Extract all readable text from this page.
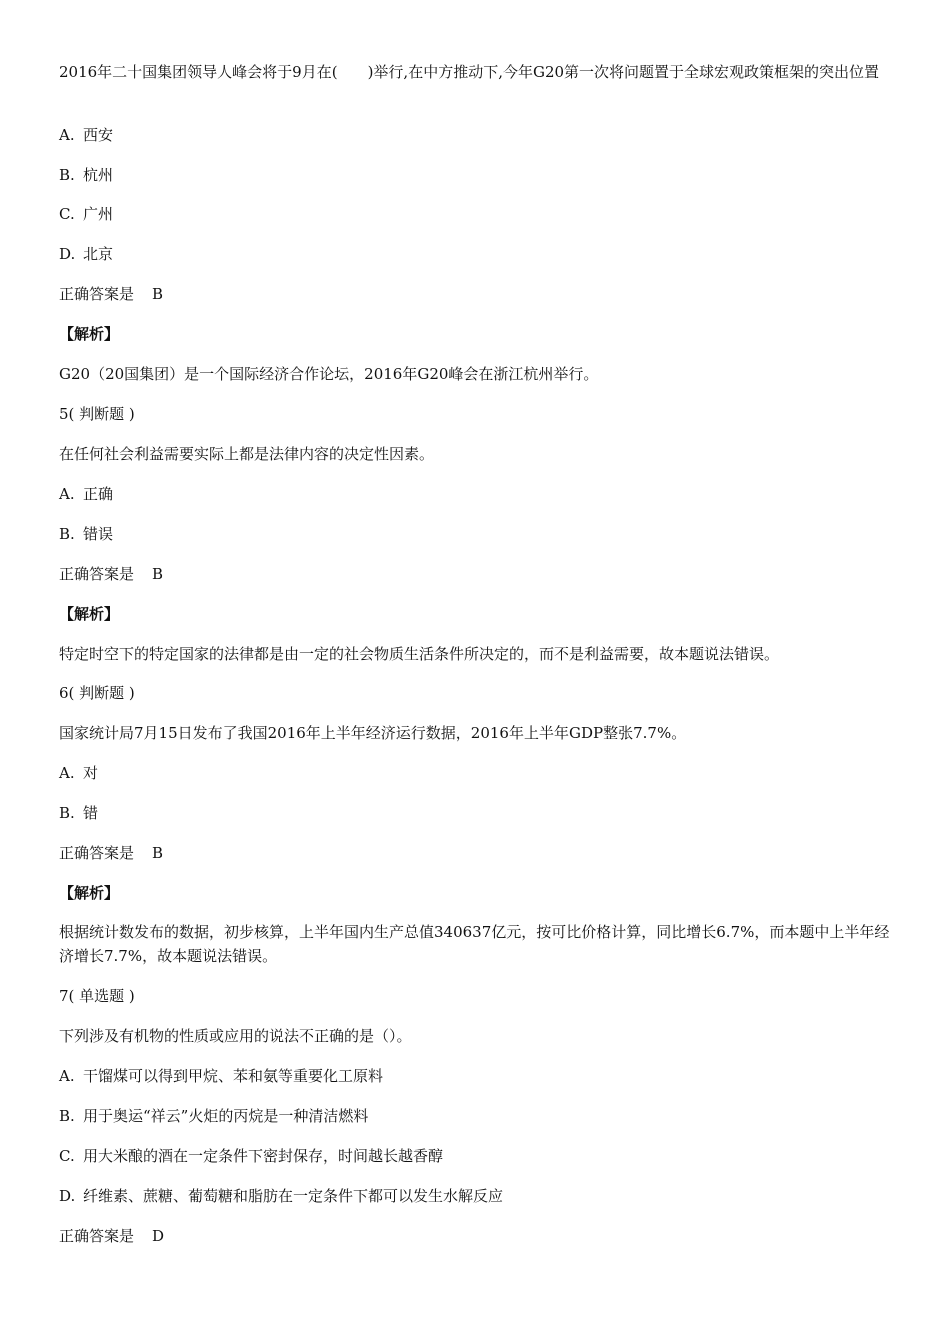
2016年二十国集团领导人峰会将于9月在(　　)举行,在中方推动下,今年G20第一次将问题置于全球宏观政策框架的突出位置
A. 西安
B. 杭州
C. 广州
D. 北京
正确答案是 B
【解析】
G20（20国集团）是一个国际经济合作论坛，2016年G20峰会在浙江杭州举行。
5( 判断题 )
在任何社会利益需要实际上都是法律内容的决定性因素。
A. 正确
B. 错误
正确答案是 B
【解析】
特定时空下的特定国家的法律都是由一定的社会物质生活条件所决定的，而不是利益需要，故本题说法错误。
6( 判断题 )
国家统计局7月15日发布了我国2016年上半年经济运行数据，2016年上半年GDP整张7.7%。
A. 对
B. 错
正确答案是 B
【解析】
根据统计数发布的数据，初步核算，上半年国内生产总值340637亿元，按可比价格计算，同比增长6.7%，而本题中上半年经济增长7.7%，故本题说法错误。
7( 单选题 )
下列涉及有机物的性质或应用的说法不正确的是（）。
A. 干馏煤可以得到甲烷、苯和氨等重要化工原料
B. 用于奥运“祥云”火炬的丙烷是一种清洁燃料
C. 用大米酿的酒在一定条件下密封保存，时间越长越香醇
D. 纤维素、蔗糖、葡萄糖和脂肪在一定条件下都可以发生水解反应
正确答案是 D
